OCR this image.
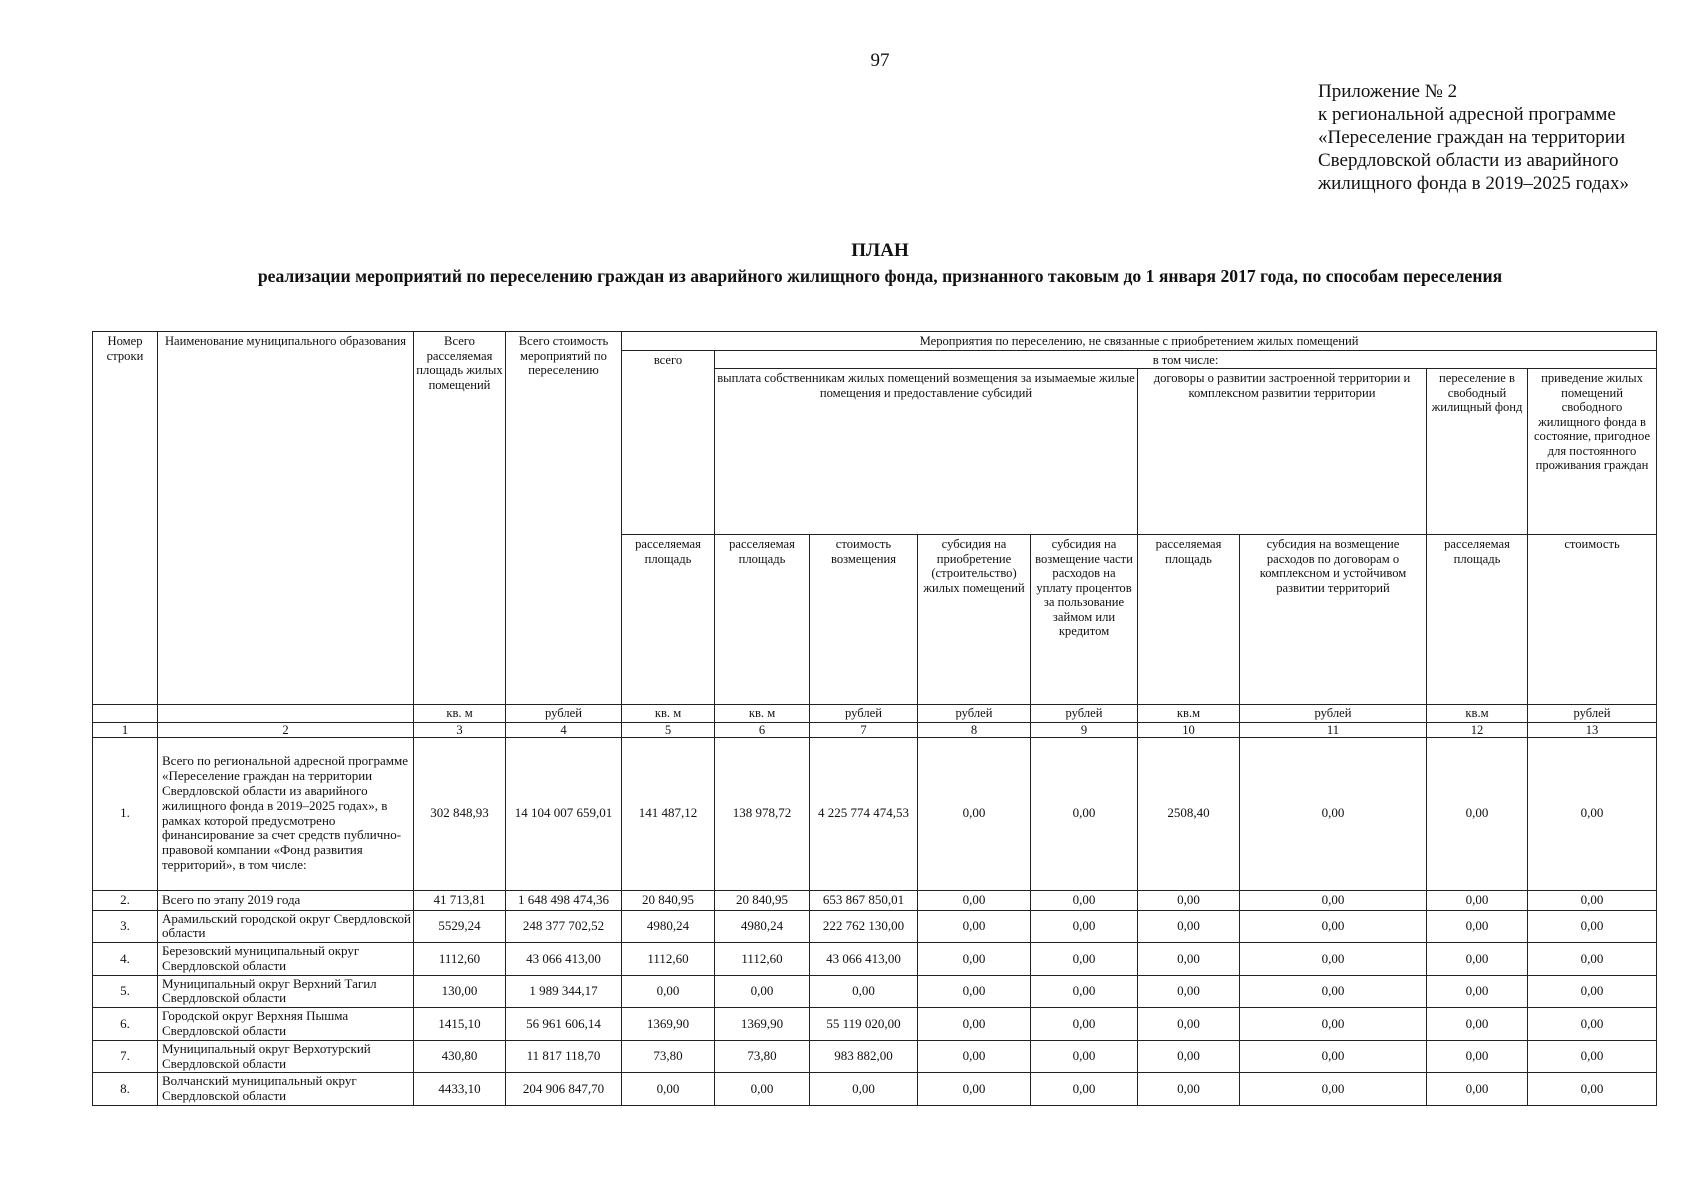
97
Приложение № 2
к региональной адресной программе
«Переселение граждан на территории
Свердловской области из аварийного
жилищного фонда в 2019–2025 годах»
ПЛАН
реализации мероприятий по переселению граждан из аварийного жилищного фонда, признанного таковым до 1 января 2017 года, по способам переселения
Номер строки	Наименование муниципального образования	Всего расселяемая площадь жилых помещений	Всего стоимость мероприятий по переселению	Мероприятия по переселению, не связанные с приобретением жилых помещений								
				всего	в том числе:							
					выплата собственникам жилых помещений возмещения за изымаемые жилые помещения и предоставление субсидий				договоры о развитии застроенной территории и комплексном развитии территории		переселение в свободный жилищный фонд	приведение жилых помещений свободного жилищного фонда в состояние, пригодное для постоянного проживания граждан
				расселяемая площадь	расселяемая площадь	стоимость возмещения	субсидия на приобретение (строительство) жилых помещений	субсидия на возмещение части расходов на уплату процентов за пользование займом или кредитом	расселяемая площадь	субсидия на возмещение расходов по договорам о комплексном и устойчивом развитии территорий	расселяемая площадь	стоимость
		кв. м	рублей	кв. м	кв. м	рублей	рублей	рублей	кв.м	рублей	кв.м	рублей
1	2	3	4	5	6	7	8	9	10	11	12	13
1.	Всего по региональной адресной программе «Переселение граждан на территории Свердловской области из аварийного жилищного фонда в 2019–2025 годах», в рамках которой предусмотрено финансирование за счет средств публично-правовой компании «Фонд развития территорий», в том числе:	302 848,93	14 104 007 659,01	141 487,12	138 978,72	4 225 774 474,53	0,00	0,00	2508,40	0,00	0,00	0,00
2.	Всего по этапу 2019 года	41 713,81	1 648 498 474,36	20 840,95	20 840,95	653 867 850,01	0,00	0,00	0,00	0,00	0,00	0,00
3.	Арамильский городской округ Свердловской области	5529,24	248 377 702,52	4980,24	4980,24	222 762 130,00	0,00	0,00	0,00	0,00	0,00	0,00
4.	Березовский муниципальный округ Свердловской области	1112,60	43 066 413,00	1112,60	1112,60	43 066 413,00	0,00	0,00	0,00	0,00	0,00	0,00
5.	Муниципальный округ Верхний Тагил Свердловской области	130,00	1 989 344,17	0,00	0,00	0,00	0,00	0,00	0,00	0,00	0,00	0,00
6.	Городской округ Верхняя Пышма Свердловской области	1415,10	56 961 606,14	1369,90	1369,90	55 119 020,00	0,00	0,00	0,00	0,00	0,00	0,00
7.	Муниципальный округ Верхотурский Свердловской области	430,80	11 817 118,70	73,80	73,80	983 882,00	0,00	0,00	0,00	0,00	0,00	0,00
8.	Волчанский муниципальный округ Свердловской области	4433,10	204 906 847,70	0,00	0,00	0,00	0,00	0,00	0,00	0,00	0,00	0,00
